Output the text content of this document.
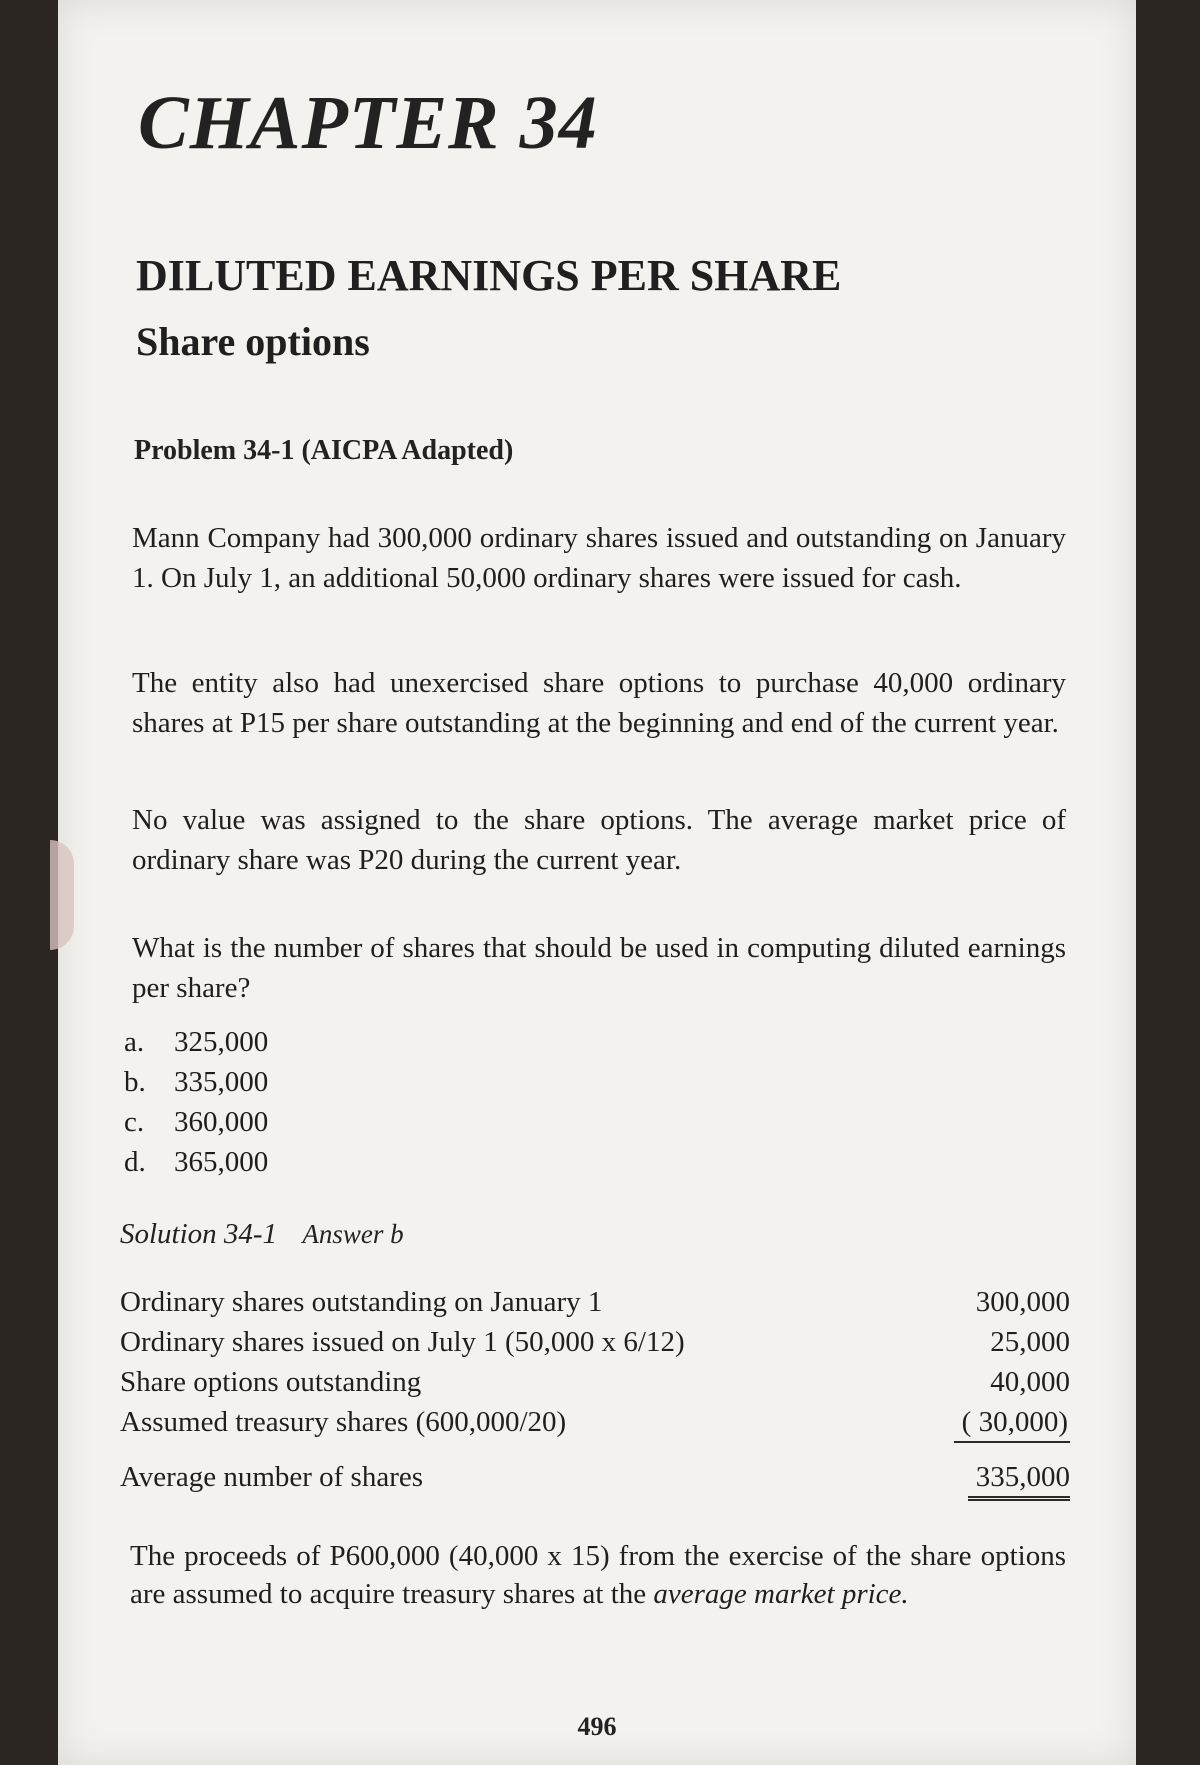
CHAPTER 34
DILUTED EARNINGS PER SHARE
Share options
Problem 34-1 (AICPA Adapted)

Mann Company had 300,000 ordinary shares issued and outstanding on January 1. On July 1, an additional 50,000 ordinary shares were issued for cash.

The entity also had unexercised share options to purchase 40,000 ordinary shares at P15 per share outstanding at the beginning and end of the current year.

No value was assigned to the share options. The average market price of ordinary share was P20 during the current year.

What is the number of shares that should be used in computing diluted earnings per share?

a.	325,000
b. 335,000
c.	360,000
d. 365,000

Solution 34-1 Answer b

Ordinary shares outstanding on January 1	300,000
Ordinary shares issued on July 1 (50,000 x 6/12)	25,000
Share options outstanding	40,000
Assumed treasury shares (600,000/20)	( 30,000)
Average number of shares	335,000

The proceeds of P600,000 (40,000 x 15) from the exercise of the share options are assumed to acquire treasury shares at the average market price.

496
